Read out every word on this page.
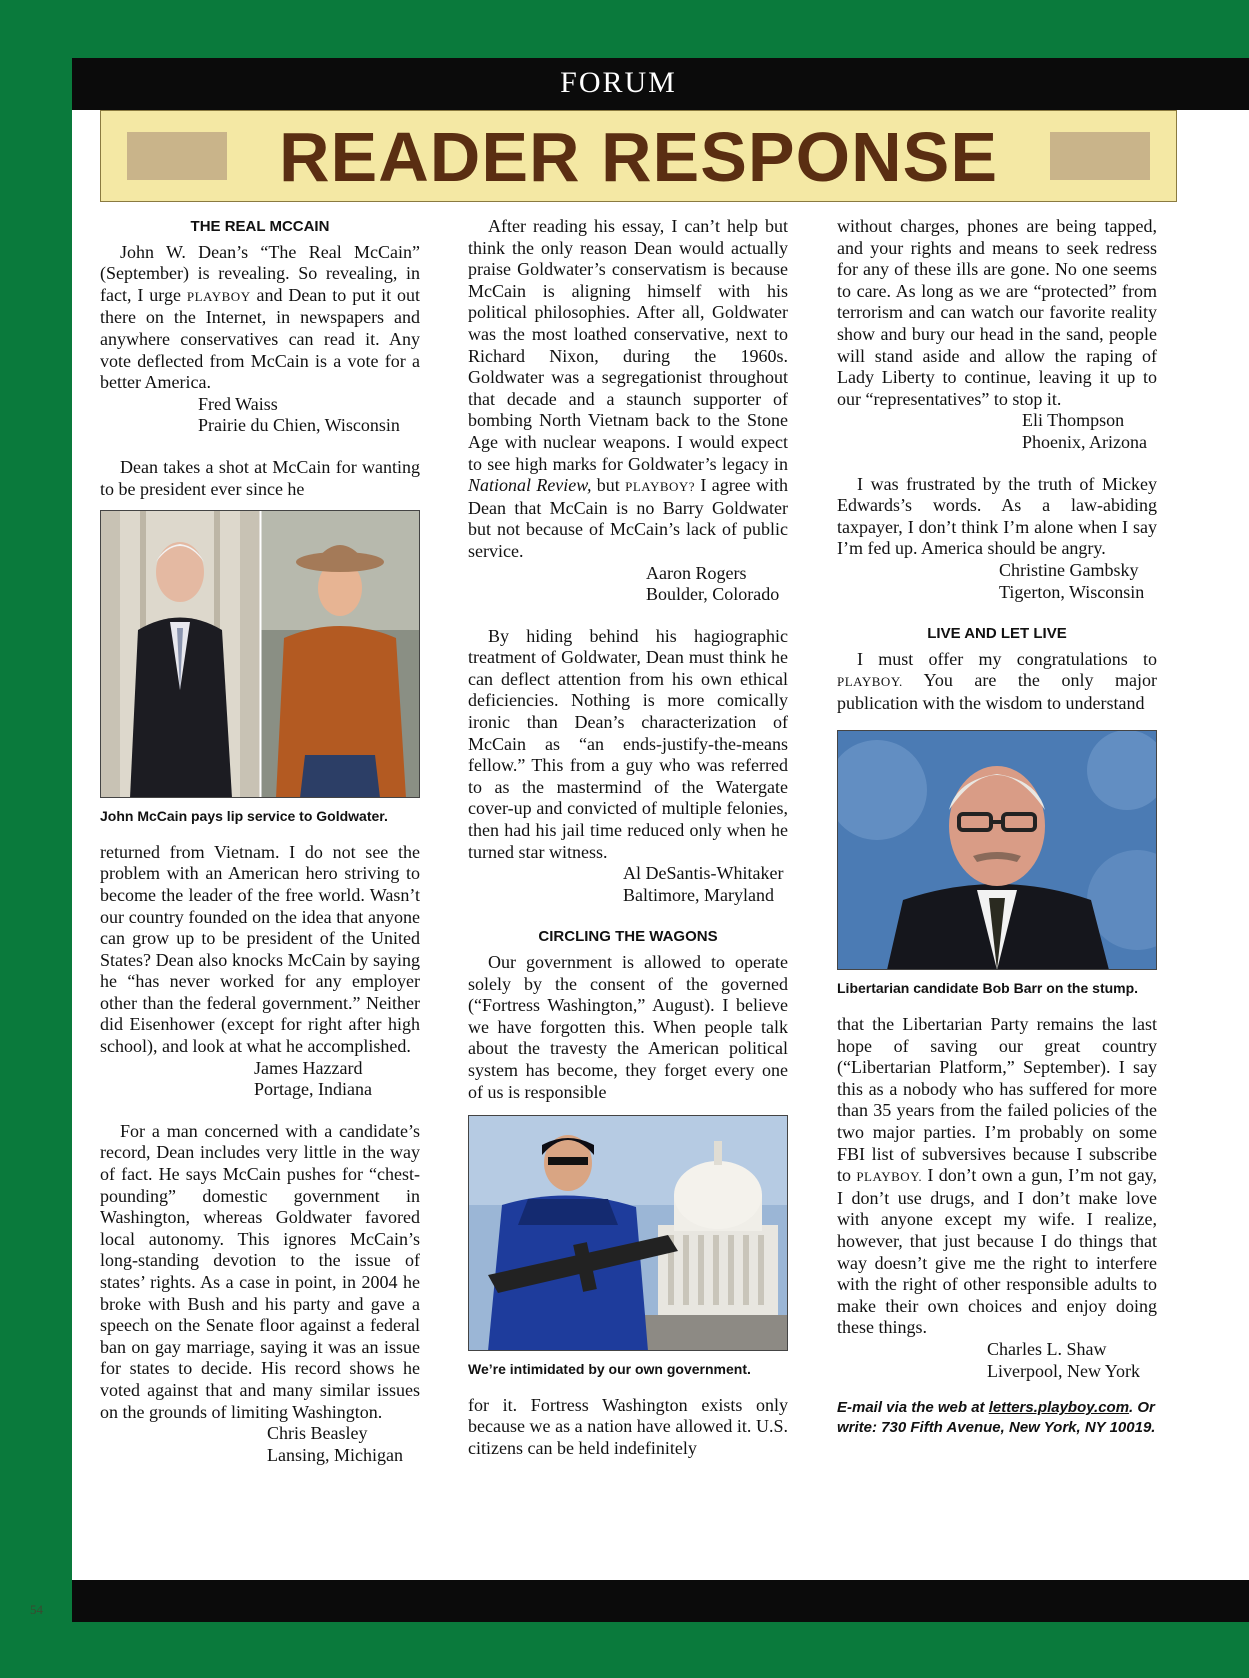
FORUM
READER RESPONSE
THE REAL MCCAIN

John W. Dean’s “The Real McCain” (September) is revealing. So revealing, in fact, I urge PLAYBOY and Dean to put it out there on the Internet, in newspapers and anywhere conservatives can read it. Any vote deflected from McCain is a vote for a better America.

Fred Waiss
Prairie du Chien, Wisconsin

Dean takes a shot at McCain for wanting to be president ever since he

John McCain pays lip service to Goldwater.

returned from Vietnam. I do not see the problem with an American hero striving to become the leader of the free world. Wasn’t our country founded on the idea that anyone can grow up to be president of the United States? Dean also knocks McCain by saying he “has never worked for any employer other than the federal government.” Neither did Eisenhower (except for right after high school), and look at what he accomplished.

James Hazzard
Portage, Indiana

For a man concerned with a candidate’s record, Dean includes very little in the way of fact. He says McCain pushes for “chest-pounding” domestic government in Washington, whereas Goldwater favored local autonomy. This ignores McCain’s long-standing devotion to the issue of states’ rights. As a case in point, in 2004 he broke with Bush and his party and gave a speech on the Senate floor against a federal ban on gay marriage, saying it was an issue for states to decide. His record shows he voted against that and many similar issues on the grounds of limiting Washington.

Chris Beasley
Lansing, Michigan

After reading his essay, I can’t help but think the only reason Dean would actually praise Goldwater’s conservatism is because McCain is aligning himself with his political philosophies. After all, Goldwater was the most loathed conservative, next to Richard Nixon, during the 1960s. Goldwater was a segregationist throughout that decade and a staunch supporter of bombing North Vietnam back to the Stone Age with nuclear weapons. I would expect to see high marks for Goldwater’s legacy in National Review, but PLAYBOY? I agree with Dean that McCain is no Barry Goldwater but not because of McCain’s lack of public service.

Aaron Rogers
Boulder, Colorado

By hiding behind his hagiographic treatment of Goldwater, Dean must think he can deflect attention from his own ethical deficiencies. Nothing is more comically ironic than Dean’s characterization of McCain as “an ends-justify-the-means fellow.” This from a guy who was referred to as the mastermind of the Watergate cover-up and convicted of multiple felonies, then had his jail time reduced only when he turned star witness.

Al DeSantis-Whitaker
Baltimore, Maryland
CIRCLING THE WAGONS

Our government is allowed to operate solely by the consent of the governed (“Fortress Washington,” August). I believe we have forgotten this. When people talk about the travesty the American political system has become, they forget every one of us is responsible

We’re intimidated by our own government.

for it. Fortress Washington exists only because we as a nation have allowed it. U.S. citizens can be held indefinitely

without charges, phones are being tapped, and your rights and means to seek redress for any of these ills are gone. No one seems to care. As long as we are “protected” from terrorism and can watch our favorite reality show and bury our head in the sand, people will stand aside and allow the raping of Lady Liberty to continue, leaving it up to our “representatives” to stop it.

Eli Thompson
Phoenix, Arizona

I was frustrated by the truth of Mickey Edwards’s words. As a law-abiding taxpayer, I don’t think I’m alone when I say I’m fed up. America should be angry.

Christine Gambsky
Tigerton, Wisconsin
LIVE AND LET LIVE

I must offer my congratulations to PLAYBOY. You are the only major publication with the wisdom to understand

Libertarian candidate Bob Barr on the stump.

that the Libertarian Party remains the last hope of saving our great country (“Libertarian Platform,” September). I say this as a nobody who has suffered for more than 35 years from the failed policies of the two major parties. I’m probably on some FBI list of subversives because I subscribe to PLAYBOY. I don’t own a gun, I’m not gay, I don’t use drugs, and I don’t make love with anyone except my wife. I realize, however, that just because I do things that way doesn’t give me the right to interfere with the right of other responsible adults to make their own choices and enjoy doing these things.

Charles L. Shaw
Liverpool, New York
E-mail via the web at letters.playboy.com. Or write: 730 Fifth Avenue, New York, NY 10019.
54
